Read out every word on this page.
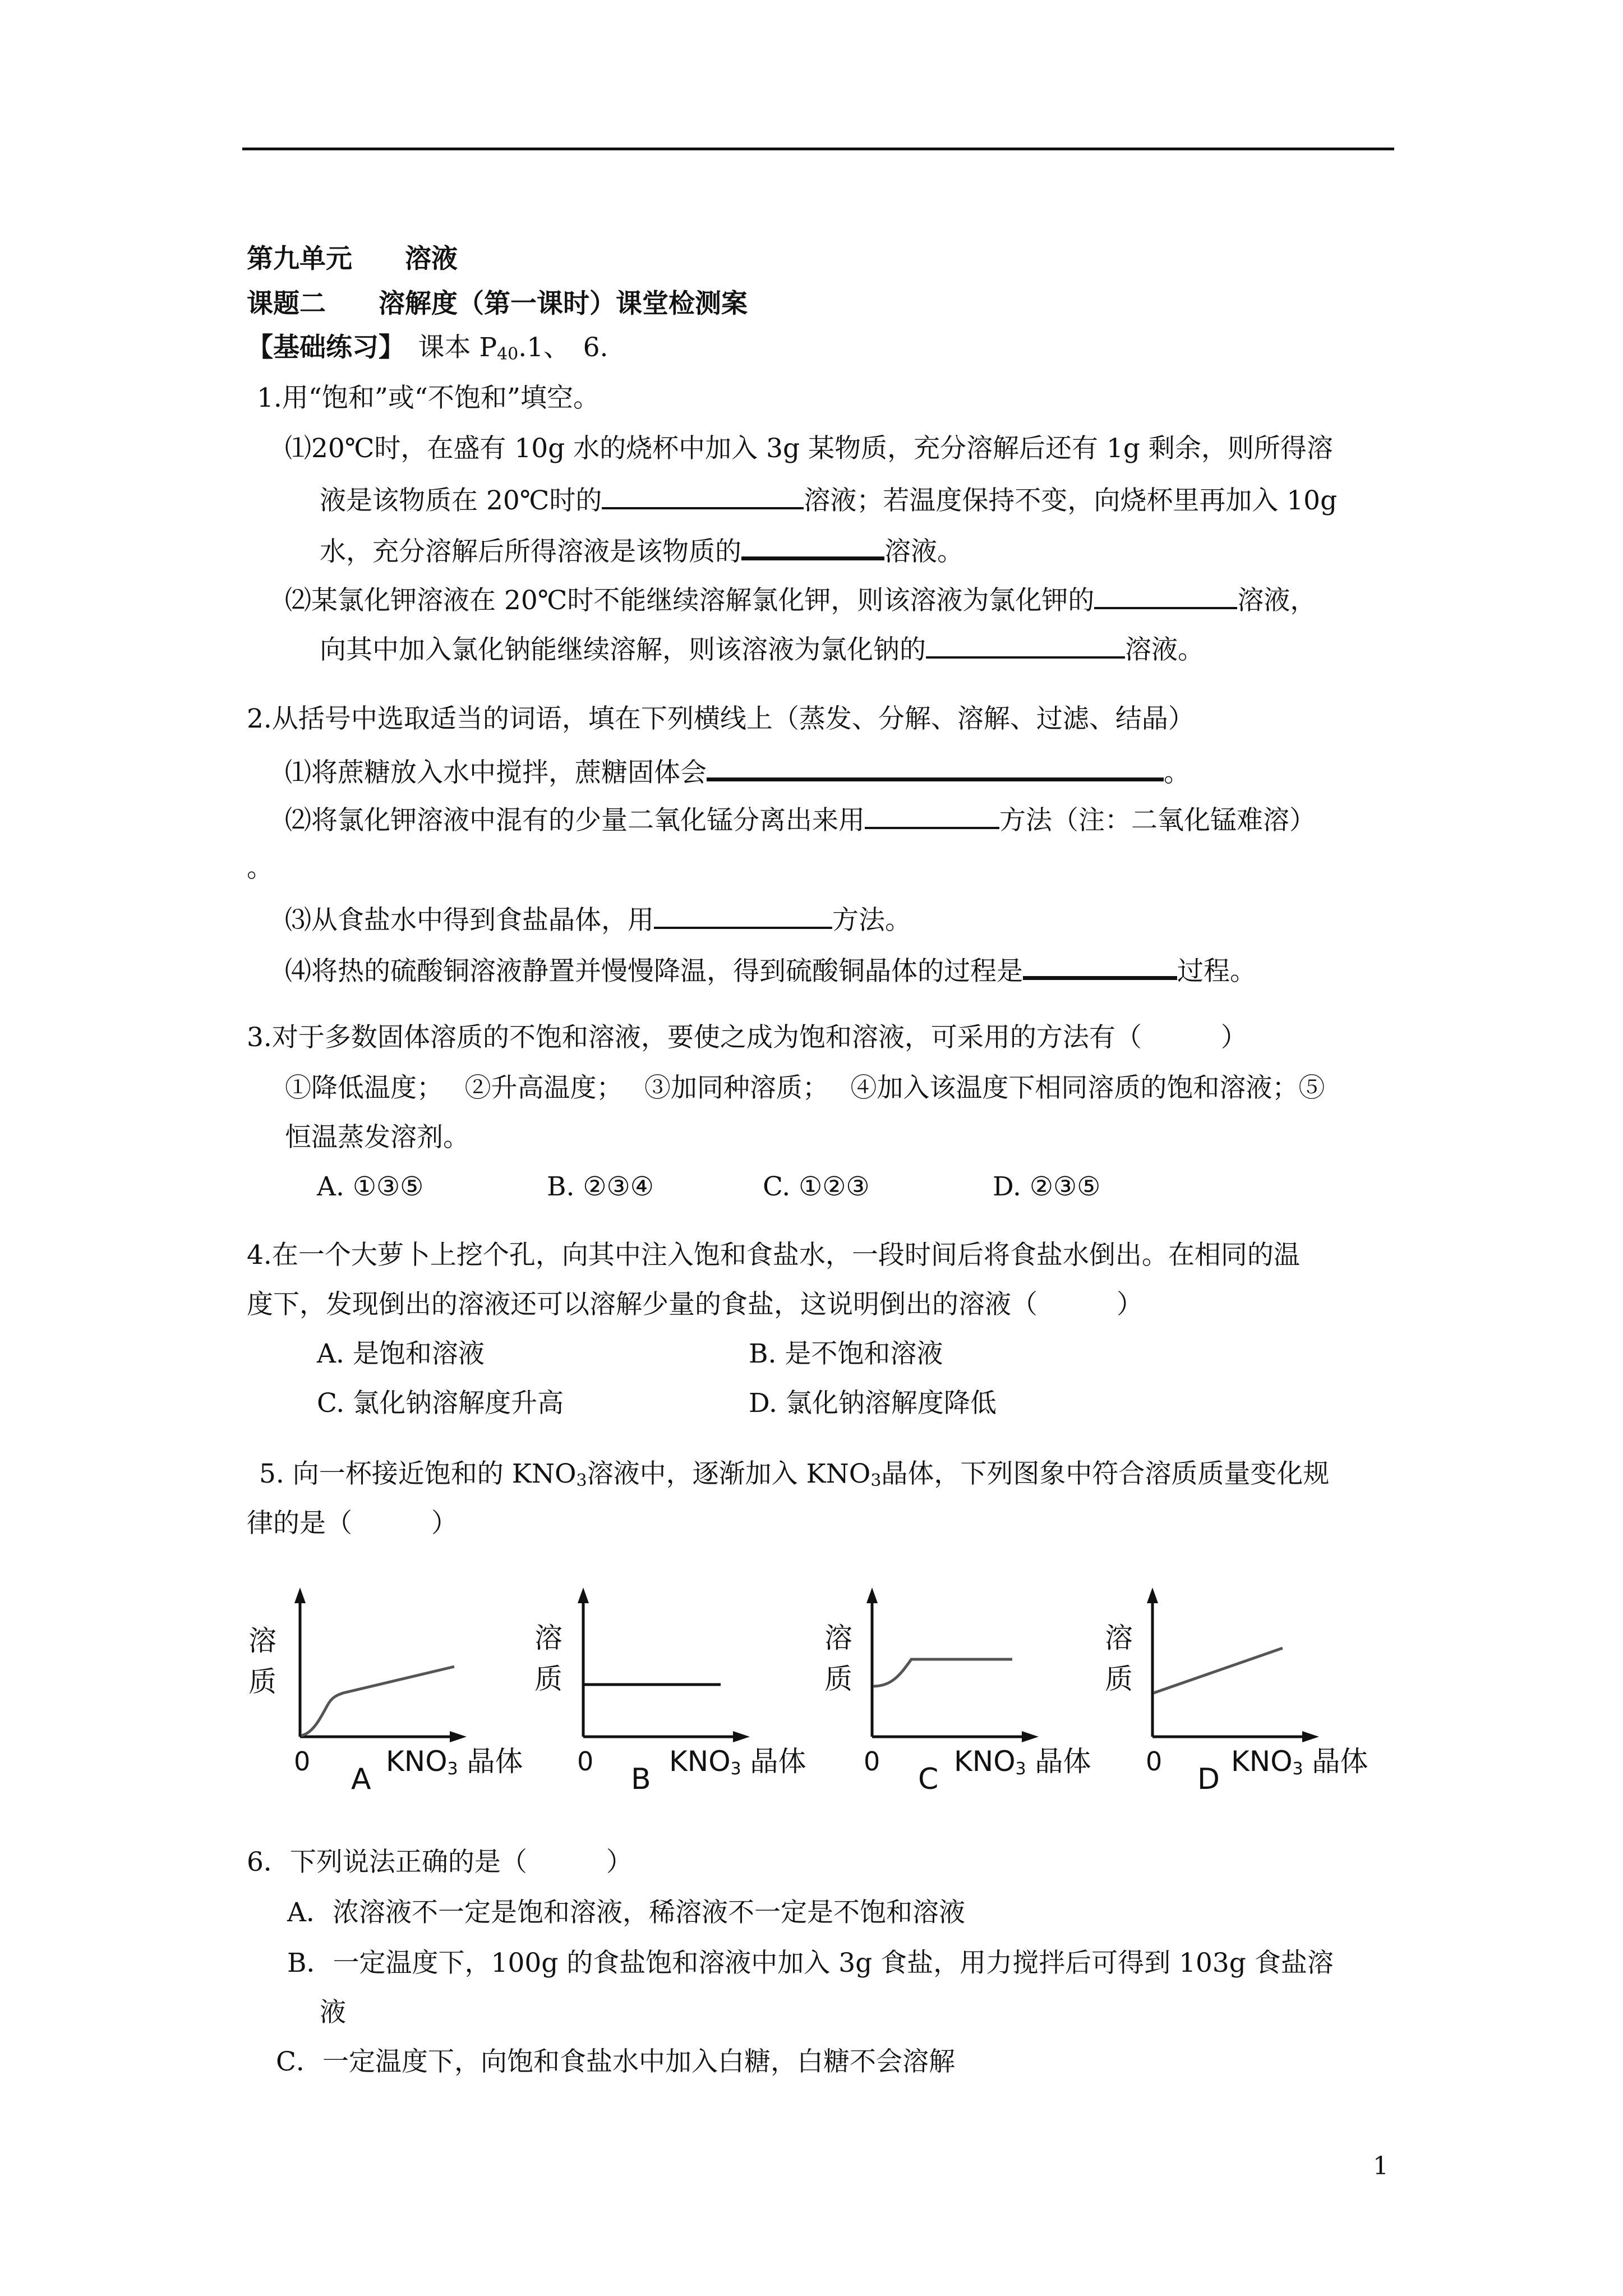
第九单元　　溶液
课题二　　溶解度（第一课时）课堂检测案
【基础练习】　 课本 $P_{40}.1$、　6.
1.用“饱和”或“不饱和”填空。
⑴20℃时，在盛有 10g 水的烧杯中加入 3g 某物质，充分溶解后还有 1g 剩余，则所得溶
液是该物质在 20℃时的	溶液；若温度保持不变，向烧杯里再加入 10g
水，充分溶解后所得溶液是该物质的	溶液。
⑵某氯化钾溶液在 20℃时不能继续溶解氯化钾，则该溶液为氯化钾的	溶液，
向其中加入氯化钠能继续溶解，则该溶液为氯化钠的	溶液。
2.从括号中选取适当的词语，填在下列横线上（蒸发、分解、溶解、过滤、结晶）
⑴将蔗糖放入水中搅拌，蔗糖固体会	。
⑵将氯化钾溶液中混有的少量二氧化锰分离出来用	方法（注：二氧化锰难溶）
。
⑶从食盐水中得到食盐晶体，用	方法。
⑷将热的硫酸铜溶液静置并慢慢降温，得到硫酸铜晶体的过程是	过程。
3.对于多数固体溶质的不饱和溶液，要使之成为饱和溶液，可采用的方法有（　　　）
①降低温度；　 ②升高温度；　 ③加同种溶质；　 ④加入该温度下相同溶质的饱和溶液；⑤
恒温蒸发溶剂。
A. ①③⑤	B. ②③④	C. ①②③	D. ②③⑤
4.在一个大萝卜上挖个孔，向其中注入饱和食盐水，一段时间后将食盐水倒出。在相同的温
度下，发现倒出的溶液还可以溶解少量的食盐，这说明倒出的溶液（　　　）
A. 是饱和溶液	B. 是不饱和溶液
C. 氯化钠溶解度升高	D. 氯化钠溶解度降低
5. 向一杯接近饱和的 $KNO_3$溶液中，逐渐加入 $KNO_3$晶体，下列图象中符合溶质质量变化规
律的是（　　　）
溶
质
0
A
$KNO_3$ 晶体
溶
质
0
B
$KNO_3$ 晶体
溶
质
0
C
$KNO_3$ 晶体
溶
质
0
D
$KNO_3$ 晶体
6．下列说法正确的是（　　　）
A．浓溶液不一定是饱和溶液，稀溶液不一定是不饱和溶液
B．一定温度下，100g 的食盐饱和溶液中加入 3g 食盐，用力搅拌后可得到 103g 食盐溶
液
C．一定温度下，向饱和食盐水中加入白糖，白糖不会溶解
1
